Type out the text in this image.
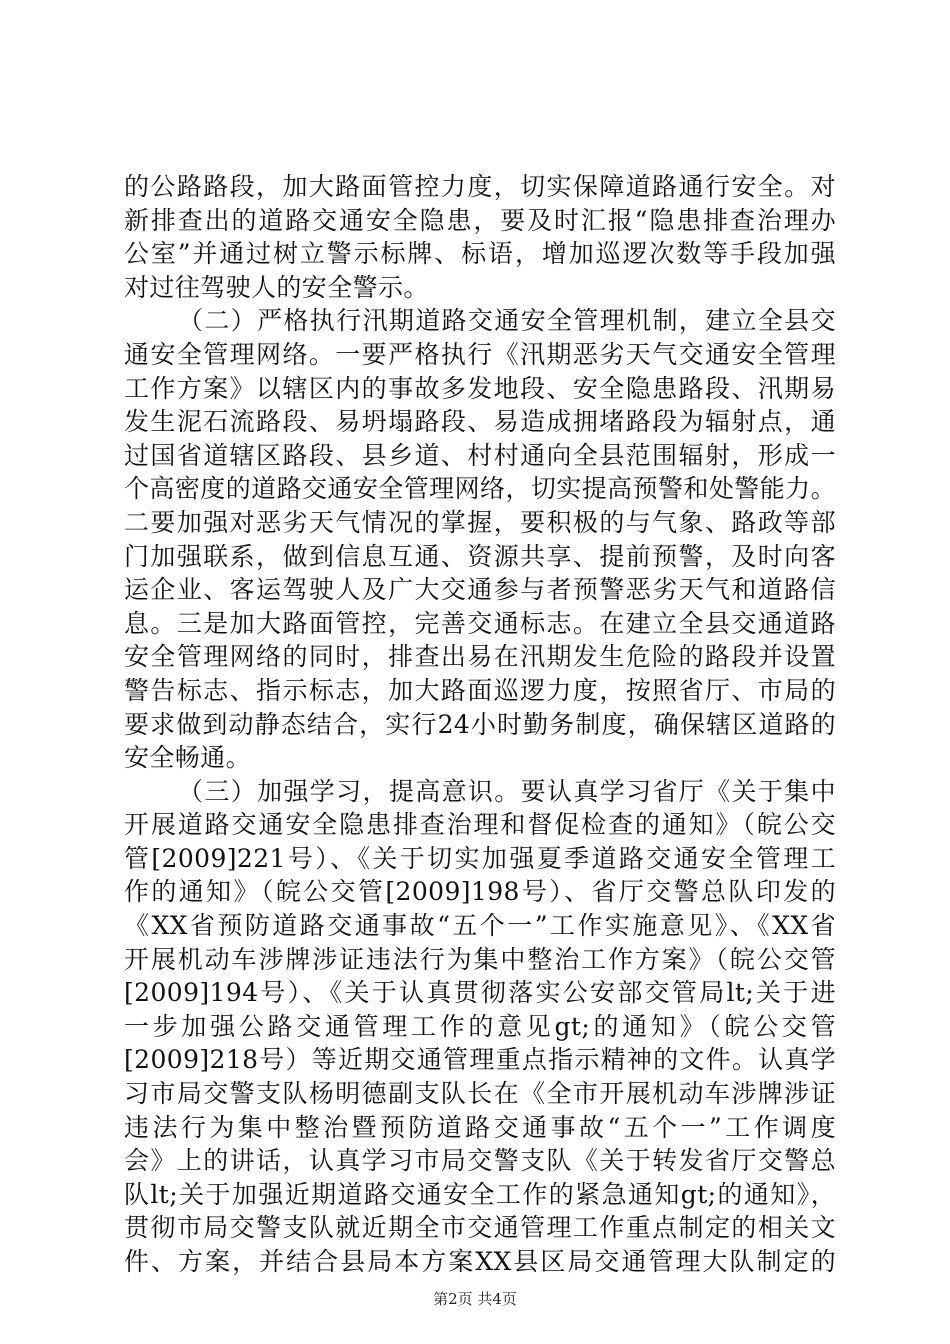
的公路路段，加大路面管控力度，切实保障道路通行安全。对
新排查出的道路交通安全隐患，要及时汇报“隐患排查治理办
公室”并通过树立警示标牌、标语，增加巡逻次数等手段加强
对过往驾驶人的安全警示。
（二）严格执行汛期道路交通安全管理机制，建立全县交
通安全管理网络。一要严格执行《汛期恶劣天气交通安全管理
工作方案》以辖区内的事故多发地段、安全隐患路段、汛期易
发生泥石流路段、易坍塌路段、易造成拥堵路段为辐射点，通
过国省道辖区路段、县乡道、村村通向全县范围辐射，形成一
个高密度的道路交通安全管理网络，切实提高预警和处警能力。
二要加强对恶劣天气情况的掌握，要积极的与气象、路政等部
门加强联系，做到信息互通、资源共享、提前预警，及时向客
运企业、客运驾驶人及广大交通参与者预警恶劣天气和道路信
息。三是加大路面管控，完善交通标志。在建立全县交通道路
安全管理网络的同时，排查出易在汛期发生危险的路段并设置
警告标志、指示标志，加大路面巡逻力度，按照省厅、市局的
要求做到动静态结合，实行24小时勤务制度，确保辖区道路的
安全畅通。
（三）加强学习，提高意识。要认真学习省厅《关于集中
开展道路交通安全隐患排查治理和督促检查的通知》（皖公交
管[2009]221号）、《关于切实加强夏季道路交通安全管理工
作的通知》（皖公交管[2009]198号）、省厅交警总队印发的
《XX省预防道路交通事故“五个一”工作实施意见》、《XX省
开展机动车涉牌涉证违法行为集中整治工作方案》（皖公交管
[2009]194号）、《关于认真贯彻落实公安部交管局lt;关于进
一步加强公路交通管理工作的意见gt;的通知》（皖公交管
[2009]218号）等近期交通管理重点指示精神的文件。认真学
习市局交警支队杨明德副支队长在《全市开展机动车涉牌涉证
违法行为集中整治暨预防道路交通事故“五个一”工作调度
会》上的讲话，认真学习市局交警支队《关于转发省厅交警总
队lt;关于加强近期道路交通安全工作的紧急通知gt;的通知》，
贯彻市局交警支队就近期全市交通管理工作重点制定的相关文
件、方案，并结合县局本方案XX县区局交通管理大队制定的
第2页 共4页
